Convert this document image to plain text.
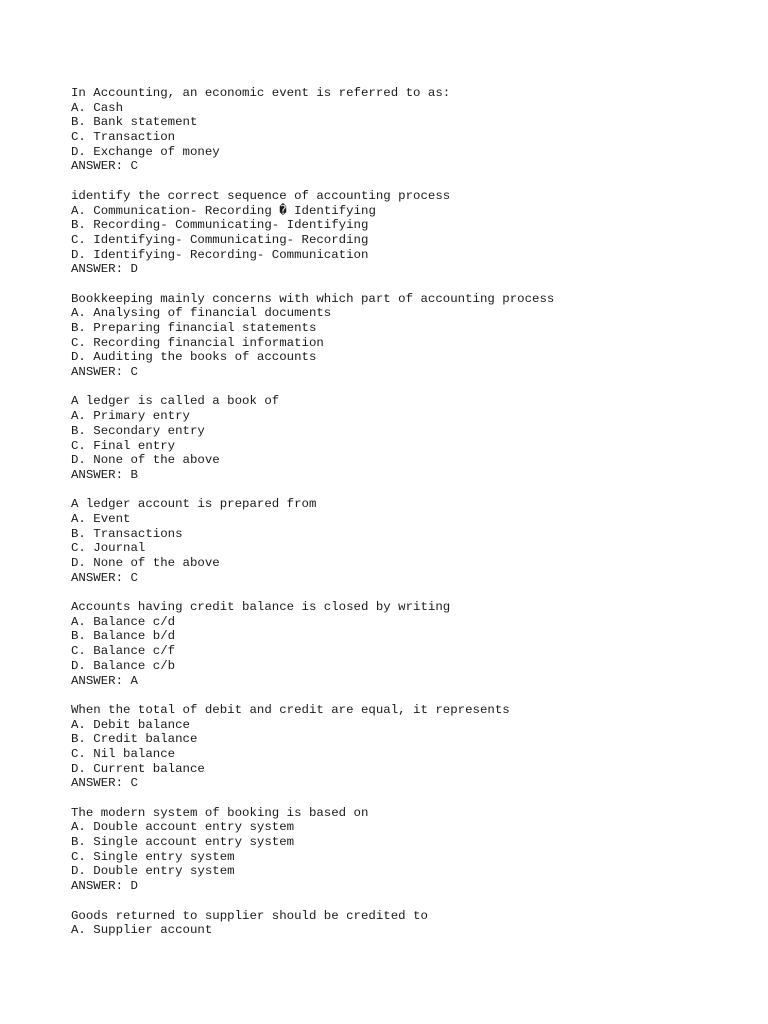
In Accounting, an economic event is referred to as:
A. Cash
B. Bank statement
C. Transaction
D. Exchange of money
ANSWER: C
identify the correct sequence of accounting process
A. Communication- Recording � Identifying
B. Recording- Communicating- Identifying
C. Identifying- Communicating- Recording
D. Identifying- Recording- Communication
ANSWER: D
Bookkeeping mainly concerns with which part of accounting process
A. Analysing of financial documents
B. Preparing financial statements
C. Recording financial information
D. Auditing the books of accounts
ANSWER: C
A ledger is called a book of
A. Primary entry
B. Secondary entry
C. Final entry
D. None of the above
ANSWER: B
A ledger account is prepared from
A. Event
B. Transactions
C. Journal
D. None of the above
ANSWER: C
Accounts having credit balance is closed by writing
A. Balance c/d
B. Balance b/d
C. Balance c/f
D. Balance c/b
ANSWER: A
When the total of debit and credit are equal, it represents
A. Debit balance
B. Credit balance
C. Nil balance
D. Current balance
ANSWER: C
The modern system of booking is based on
A. Double account entry system
B. Single account entry system
C. Single entry system
D. Double entry system
ANSWER: D
Goods returned to supplier should be credited to
A. Supplier account
